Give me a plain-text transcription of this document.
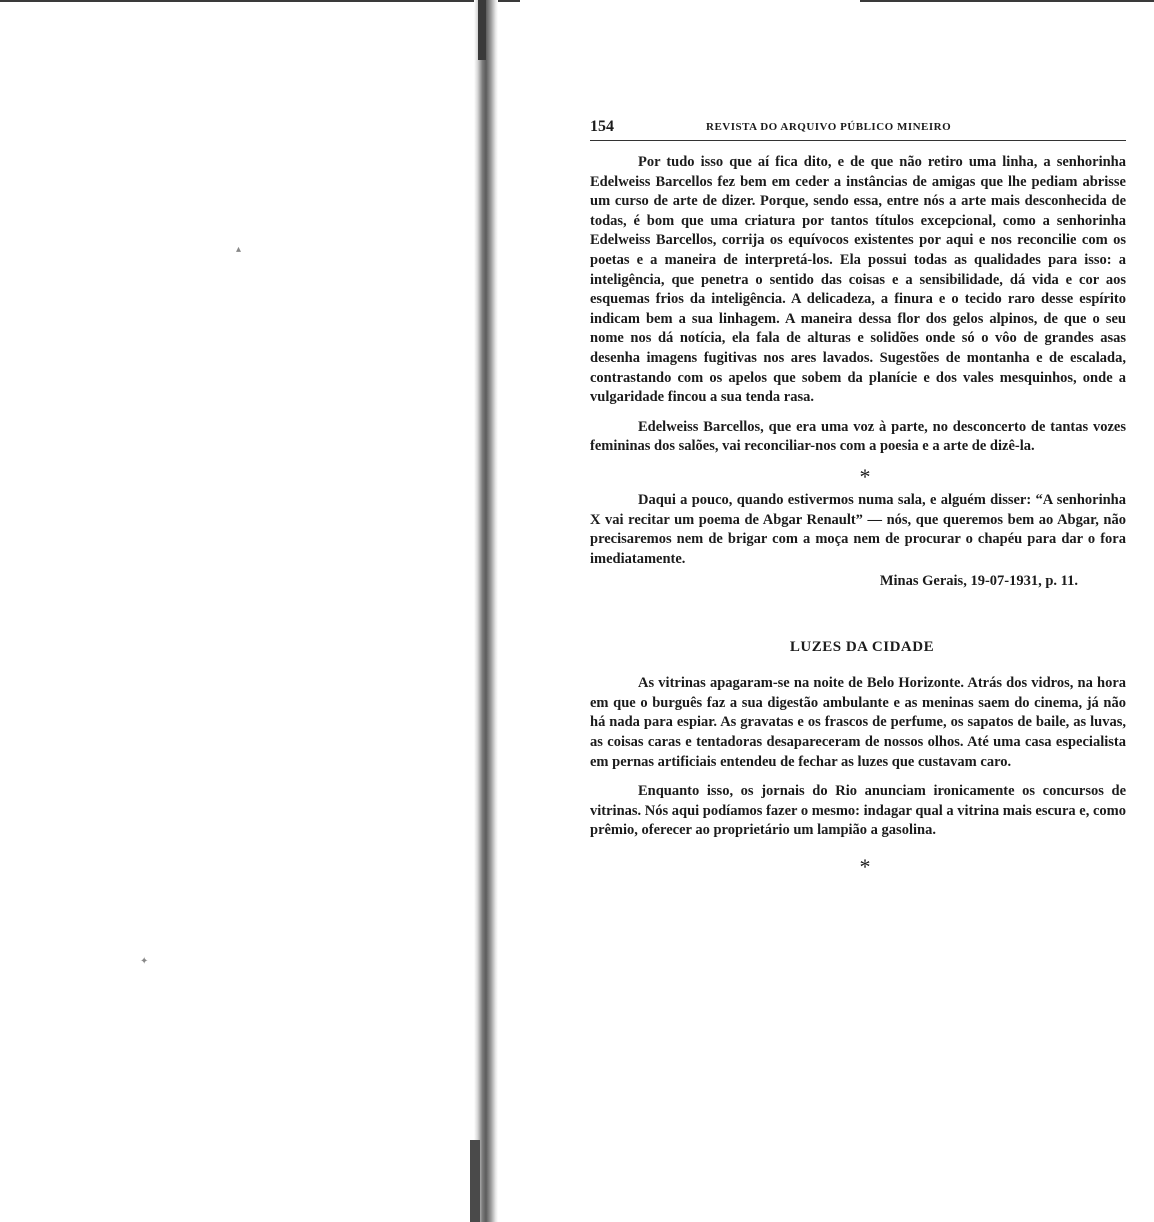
▴
✦
154	REVISTA DO ARQUIVO PÚBLICO MINEIRO

Por tudo isso que aí fica dito, e de que não retiro uma linha, a senhorinha Edelweiss Barcellos fez bem em ceder a instâncias de amigas que lhe pediam abrisse um curso de arte de dizer. Porque, sendo essa, entre nós a arte mais desconhecida de todas, é bom que uma criatura por tantos títulos excepcional, como a senhorinha Edelweiss Barcellos, corrija os equívocos existentes por aqui e nos reconcilie com os poetas e a maneira de interpretá-los. Ela possui todas as qualidades para isso: a inteligência, que penetra o sentido das coisas e a sensibilidade, dá vida e cor aos esquemas frios da inteligência. A delicadeza, a finura e o tecido raro desse espírito indicam bem a sua linhagem. A maneira dessa flor dos gelos alpinos, de que o seu nome nos dá notícia, ela fala de alturas e solidões onde só o vôo de grandes asas desenha imagens fugitivas nos ares lavados. Sugestões de montanha e de escalada, contrastando com os apelos que sobem da planície e dos vales mesquinhos, onde a vulgaridade fincou a sua tenda rasa.

Edelweiss Barcellos, que era uma voz à parte, no desconcerto de tantas vozes femininas dos salões, vai reconciliar-nos com a poesia e a arte de dizê-la.

*

Daqui a pouco, quando estivermos numa sala, e alguém disser: “A senhorinha X vai recitar um poema de Abgar Renault” — nós, que queremos bem ao Abgar, não precisaremos nem de brigar com a moça nem de procurar o chapéu para dar o fora imediatamente.

Minas Gerais, 19-07-1931, p. 11.

LUZES DA CIDADE

As vitrinas apagaram-se na noite de Belo Horizonte. Atrás dos vidros, na hora em que o burguês faz a sua digestão ambulante e as meninas saem do cinema, já não há nada para espiar. As gravatas e os frascos de perfume, os sapatos de baile, as luvas, as coisas caras e tentadoras desapareceram de nossos olhos. Até uma casa especialista em pernas artificiais entendeu de fechar as luzes que custavam caro.

Enquanto isso, os jornais do Rio anunciam ironicamente os concursos de vitrinas. Nós aqui podíamos fazer o mesmo: indagar qual a vitrina mais escura e, como prêmio, oferecer ao proprietário um lampião a gasolina.

*
